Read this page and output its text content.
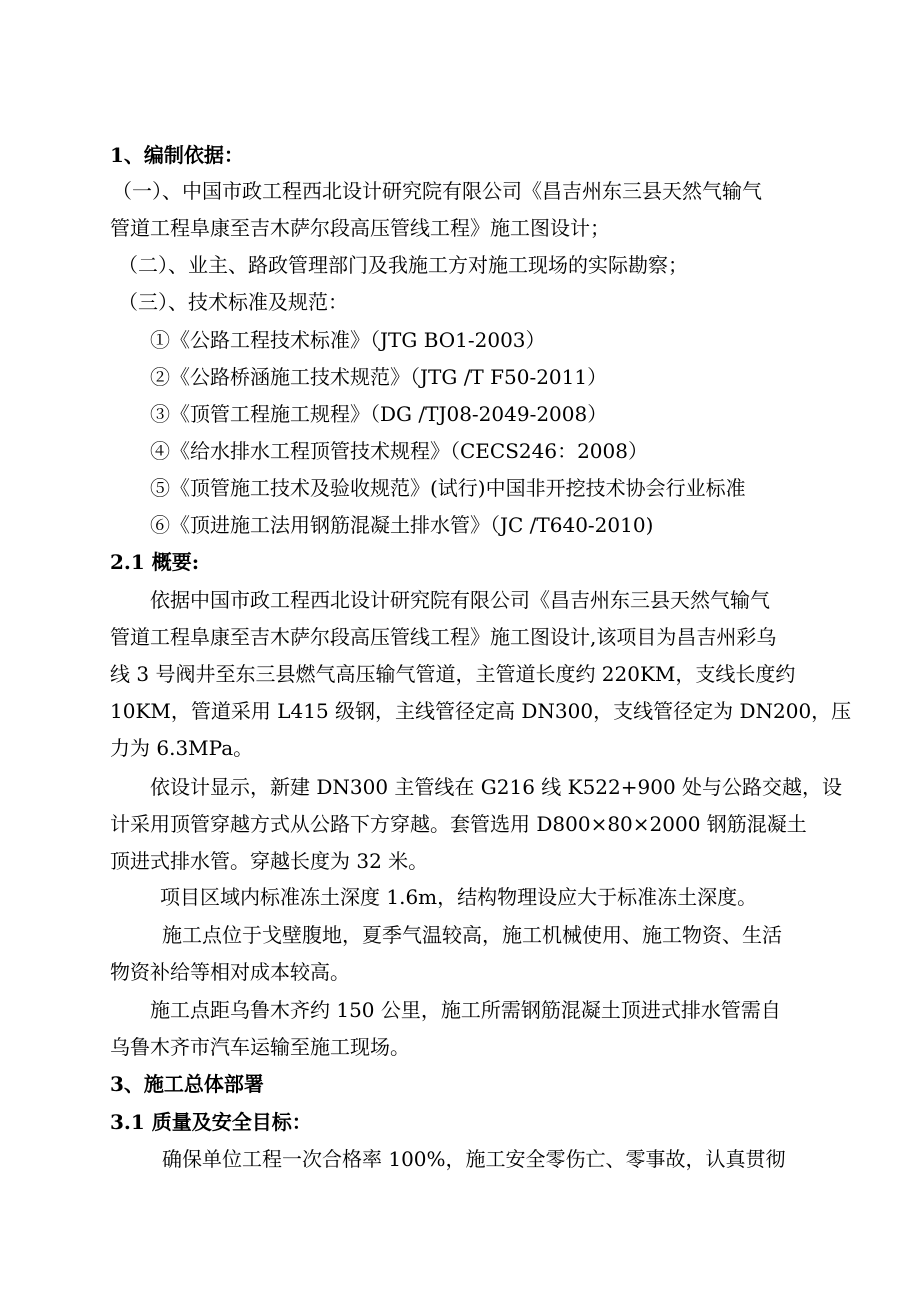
1、编制依据：
（一）、中国市政工程西北设计研究院有限公司《昌吉州东三县天然气输气
管道工程阜康至吉木萨尔段高压管线工程》施工图设计；
（二）、业主、路政管理部门及我施工方对施工现场的实际勘察；
（三）、技术标准及规范：
①《公路工程技术标准》（JTG BO1-2003）
②《公路桥涵施工技术规范》（JTG /T F50-2011）
③《顶管工程施工规程》（DG /TJ08-2049-2008）
④《给水排水工程顶管技术规程》（CECS246：2008）
⑤《顶管施工技术及验收规范》(试行)中国非开挖技术协会行业标准
⑥《顶进施工法用钢筋混凝土排水管》（JC /T640-2010)
2.1 概要:
依据中国市政工程西北设计研究院有限公司《昌吉州东三县天然气输气
管道工程阜康至吉木萨尔段高压管线工程》施工图设计,该项目为昌吉州彩乌
线 3 号阀井至东三县燃气高压输气管道，主管道长度约 220KM，支线长度约
10KM，管道采用 L415 级钢，主线管径定高 DN300，支线管径定为 DN200，压
力为 6.3MPa。
依设计显示，新建 DN300 主管线在 G216 线 K522+900 处与公路交越，设
计采用顶管穿越方式从公路下方穿越。套管选用 D800×80×2000 钢筋混凝土
顶进式排水管。穿越长度为 32 米。
项目区域内标准冻土深度 1.6m，结构物理设应大于标准冻土深度。
施工点位于戈壁腹地，夏季气温较高，施工机械使用、施工物资、生活
物资补给等相对成本较高。
施工点距乌鲁木齐约 150 公里，施工所需钢筋混凝土顶进式排水管需自
乌鲁木齐市汽车运输至施工现场。
3、施工总体部署
3.1 质量及安全目标：
确保单位工程一次合格率 100%，施工安全零伤亡、零事故，认真贯彻
